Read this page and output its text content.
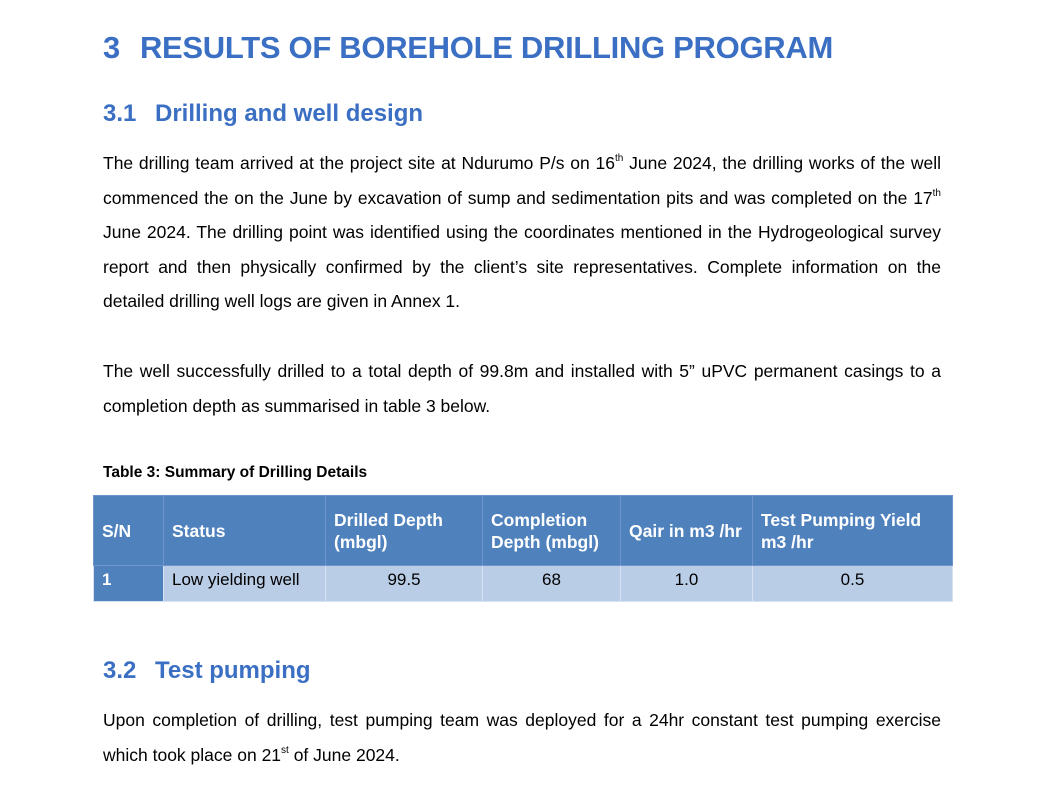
3 RESULTS OF BOREHOLE DRILLING PROGRAM
3.1 Drilling and well design

The drilling team arrived at the project site at Ndurumo P/s on 16th June 2024, the drilling works of the well commenced the on the June by excavation of sump and sedimentation pits and was completed on the 17th June 2024. The drilling point was identified using the coordinates mentioned in the Hydrogeological survey report and then physically confirmed by the client’s site representatives. Complete information on the detailed drilling well logs are given in Annex 1.

The well successfully drilled to a total depth of 99.8m and installed with 5” uPVC permanent casings to a completion depth as summarised in table 3 below.

Table 3: Summary of Drilling Details

S/N	Status	Drilled Depth (mbgl)	Completion Depth (mbgl)	Qair in m3 /hr	Test Pumping Yield m3 /hr
1	Low yielding well	99.5	68	1.0	0.5
3.2 Test pumping

Upon completion of drilling, test pumping team was deployed for a 24hr constant test pumping exercise which took place on 21st of June 2024.
